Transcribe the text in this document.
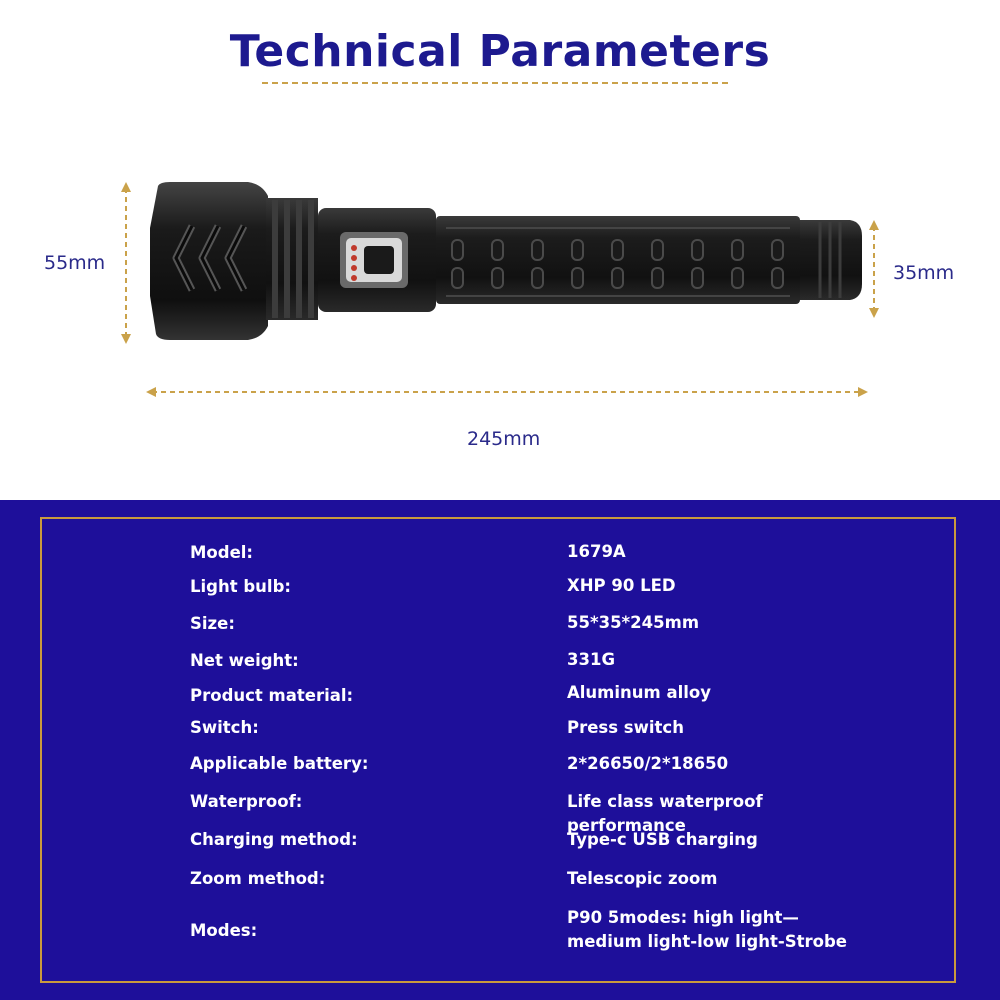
Technical Parameters
55mm	35mm
245mm
Model:	1679A
Light bulb:	XHP 90 LED
Size:	55*35*245mm
Net weight:	331G
Product material:	Aluminum alloy
Switch:	Press switch
Applicable battery:	2*26650/2*18650
Waterproof:	Life class waterproof performance
Charging method:	Type-c USB charging
Zoom method:	Telescopic zoom
Modes:
P90 5modes: high light—medium light-low light-Strobe
